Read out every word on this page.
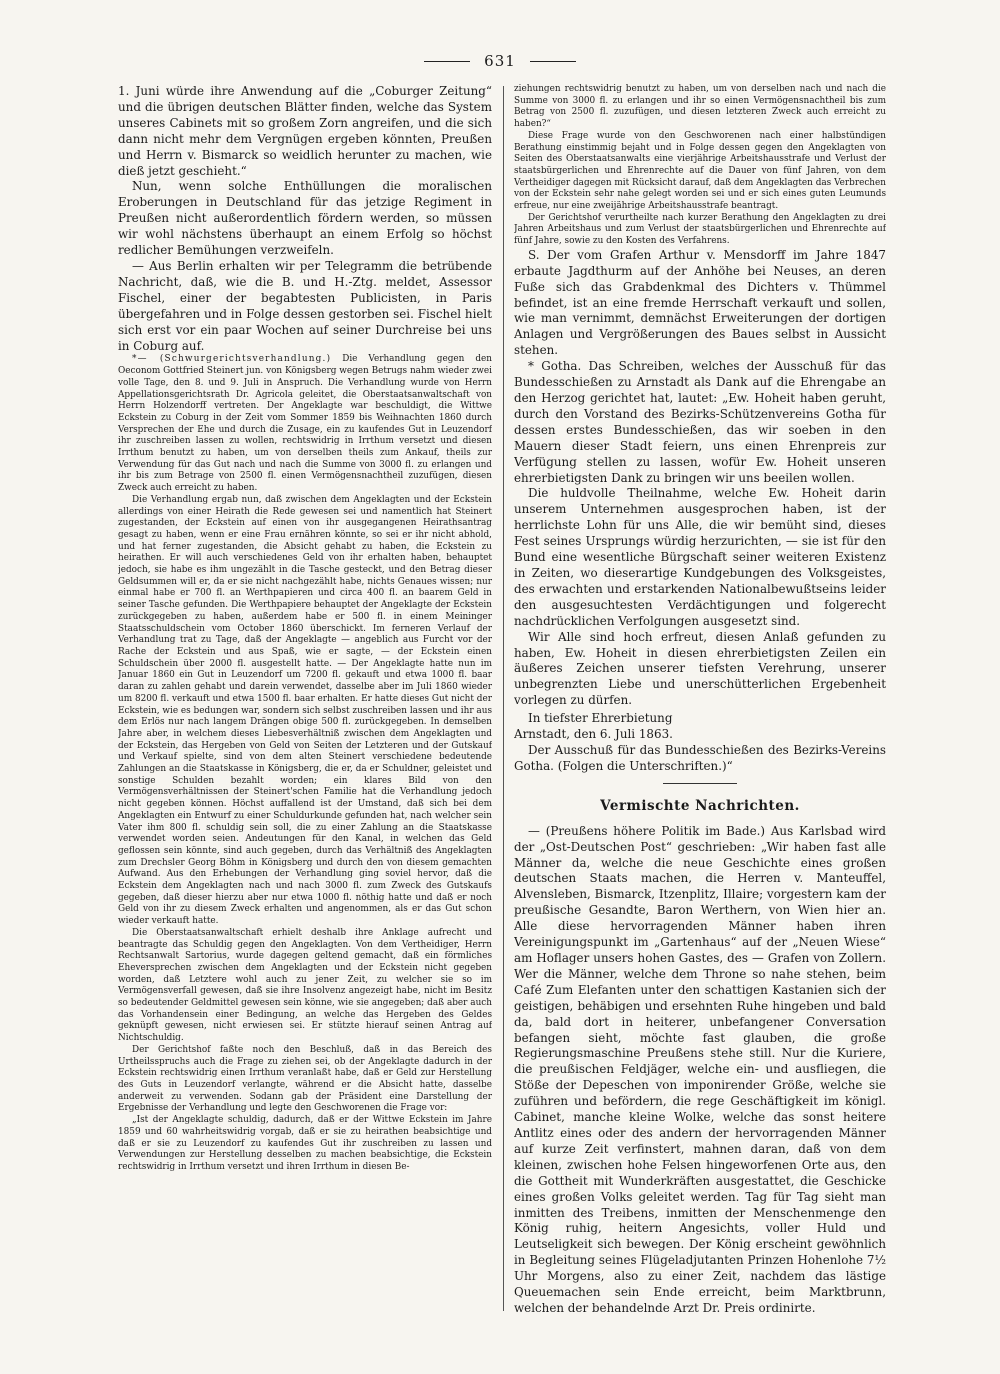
631

1. Juni würde ihre Anwendung auf die „Coburger Zeitung“ und die übrigen deutschen Blätter finden, welche das System unseres Cabinets mit so großem Zorn angreifen, und die sich dann nicht mehr dem Vergnügen ergeben könnten, Preußen und Herrn v. Bismarck so weidlich herunter zu machen, wie dieß jetzt geschieht.“

Nun, wenn solche Enthüllungen die moralischen Eroberungen in Deutschland für das jetzige Regiment in Preußen nicht außerordentlich fördern werden, so müssen wir wohl nächstens überhaupt an einem Erfolg so höchst redlicher Bemühungen verzweifeln.

— Aus Berlin erhalten wir per Telegramm die betrübende Nachricht, daß, wie die B. und H.-Ztg. meldet, Assessor Fischel, einer der begabtesten Publicisten, in Paris übergefahren und in Folge dessen gestorben sei. Fischel hielt sich erst vor ein paar Wochen auf seiner Durchreise bei uns in Coburg auf.

*— (Schwurgerichtsverhandlung.) Die Verhandlung gegen den Oeconom Gottfried Steinert jun. von Königsberg wegen Betrugs nahm wieder zwei volle Tage, den 8. und 9. Juli in Anspruch. Die Verhandlung wurde von Herrn Appellationsgerichtsrath Dr. Agricola geleitet, die Oberstaatsanwaltschaft von Herrn Holzendorff vertreten. Der Angeklagte war beschuldigt, die Wittwe Eckstein zu Coburg in der Zeit vom Sommer 1859 bis Weihnachten 1860 durch Versprechen der Ehe und durch die Zusage, ein zu kaufendes Gut in Leuzendorf ihr zuschreiben lassen zu wollen, rechtswidrig in Irrthum versetzt und diesen Irrthum benutzt zu haben, um von derselben theils zum Ankauf, theils zur Verwendung für das Gut nach und nach die Summe von 3000 fl. zu erlangen und ihr bis zum Betrage von 2500 fl. einen Vermögensnachtheil zuzufügen, diesen Zweck auch erreicht zu haben.

Die Verhandlung ergab nun, daß zwischen dem Angeklagten und der Eckstein allerdings von einer Heirath die Rede gewesen sei und namentlich hat Steinert zugestanden, der Eckstein auf einen von ihr ausgegangenen Heirathsantrag gesagt zu haben, wenn er eine Frau ernähren könnte, so sei er ihr nicht abhold, und hat ferner zugestanden, die Absicht gehabt zu haben, die Eckstein zu heirathen. Er will auch verschiedenes Geld von ihr erhalten haben, behauptet jedoch, sie habe es ihm ungezählt in die Tasche gesteckt, und den Betrag dieser Geldsummen will er, da er sie nicht nachgezählt habe, nichts Genaues wissen; nur einmal habe er 700 fl. an Werthpapieren und circa 400 fl. an baarem Geld in seiner Tasche gefunden. Die Werthpapiere behauptet der Angeklagte der Eckstein zurückgegeben zu haben, außerdem habe er 500 fl. in einem Meininger Staatsschuldschein vom October 1860 überschickt. Im ferneren Verlauf der Verhandlung trat zu Tage, daß der Angeklagte — angeblich aus Furcht vor der Rache der Eckstein und aus Spaß, wie er sagte, — der Eckstein einen Schuldschein über 2000 fl. ausgestellt hatte. — Der Angeklagte hatte nun im Januar 1860 ein Gut in Leuzendorf um 7200 fl. gekauft und etwa 1000 fl. baar daran zu zahlen gehabt und darein verwendet, dasselbe aber im Juli 1860 wieder um 8200 fl. verkauft und etwa 1500 fl. baar erhalten. Er hatte dieses Gut nicht der Eckstein, wie es bedungen war, sondern sich selbst zuschreiben lassen und ihr aus dem Erlös nur nach langem Drängen obige 500 fl. zurückgegeben. In demselben Jahre aber, in welchem dieses Liebesverhältniß zwischen dem Angeklagten und der Eckstein, das Hergeben von Geld von Seiten der Letzteren und der Gutskauf und Verkauf spielte, sind von dem alten Steinert verschiedene bedeutende Zahlungen an die Staatskasse in Königsberg, die er, da er Schuldner, geleistet und sonstige Schulden bezahlt worden; ein klares Bild von den Vermögensverhältnissen der Steinert'schen Familie hat die Verhandlung jedoch nicht gegeben können. Höchst auffallend ist der Umstand, daß sich bei dem Angeklagten ein Entwurf zu einer Schuldurkunde gefunden hat, nach welcher sein Vater ihm 800 fl. schuldig sein soll, die zu einer Zahlung an die Staatskasse verwendet worden seien. Andeutungen für den Kanal, in welchen das Geld geflossen sein könnte, sind auch gegeben, durch das Verhältniß des Angeklagten zum Drechsler Georg Böhm in Königsberg und durch den von diesem gemachten Aufwand. Aus den Erhebungen der Verhandlung ging soviel hervor, daß die Eckstein dem Angeklagten nach und nach 3000 fl. zum Zweck des Gutskaufs gegeben, daß dieser hierzu aber nur etwa 1000 fl. nöthig hatte und daß er noch Geld von ihr zu diesem Zweck erhalten und angenommen, als er das Gut schon wieder verkauft hatte.

Die Oberstaatsanwaltschaft erhielt deshalb ihre Anklage aufrecht und beantragte das Schuldig gegen den Angeklagten. Von dem Vertheidiger, Herrn Rechtsanwalt Sartorius, wurde dagegen geltend gemacht, daß ein förmliches Eheversprechen zwischen dem Angeklagten und der Eckstein nicht gegeben worden, daß Letztere wohl auch zu jener Zeit, zu welcher sie so im Vermögensverfall gewesen, daß sie ihre Insolvenz angezeigt habe, nicht im Besitz so bedeutender Geldmittel gewesen sein könne, wie sie angegeben; daß aber auch das Vorhandensein einer Bedingung, an welche das Hergeben des Geldes geknüpft gewesen, nicht erwiesen sei. Er stützte hierauf seinen Antrag auf Nichtschuldig.

Der Gerichtshof faßte noch den Beschluß, daß in das Bereich des Urtheilsspruchs auch die Frage zu ziehen sei, ob der Angeklagte dadurch in der Eckstein rechtswidrig einen Irrthum veranlaßt habe, daß er Geld zur Herstellung des Guts in Leuzendorf verlangte, während er die Absicht hatte, dasselbe anderweit zu verwenden. Sodann gab der Präsident eine Darstellung der Ergebnisse der Verhandlung und legte den Geschworenen die Frage vor:

„Ist der Angeklagte schuldig, dadurch, daß er der Wittwe Eckstein im Jahre 1859 und 60 wahrheitswidrig vorgab, daß er sie zu heirathen beabsichtige und daß er sie zu Leuzendorf zu kaufendes Gut ihr zuschreiben zu lassen und Verwendungen zur Herstellung desselben zu machen beabsichtige, die Eckstein rechtswidrig in Irrthum versetzt und ihren Irrthum in diesen Be-

ziehungen rechtswidrig benutzt zu haben, um von derselben nach und nach die Summe von 3000 fl. zu erlangen und ihr so einen Vermögensnachtheil bis zum Betrag von 2500 fl. zuzufügen, und diesen letzteren Zweck auch erreicht zu haben?“

Diese Frage wurde von den Geschworenen nach einer halbstündigen Berathung einstimmig bejaht und in Folge dessen gegen den Angeklagten von Seiten des Oberstaatsanwalts eine vierjährige Arbeitshausstrafe und Verlust der staatsbürgerlichen und Ehrenrechte auf die Dauer von fünf Jahren, von dem Vertheidiger dagegen mit Rücksicht darauf, daß dem Angeklagten das Verbrechen von der Eckstein sehr nahe gelegt worden sei und er sich eines guten Leumunds erfreue, nur eine zweijährige Arbeitshausstrafe beantragt.

Der Gerichtshof verurtheilte nach kurzer Berathung den Angeklagten zu drei Jahren Arbeitshaus und zum Verlust der staatsbürgerlichen und Ehrenrechte auf fünf Jahre, sowie zu den Kosten des Verfahrens.

S. Der vom Grafen Arthur v. Mensdorff im Jahre 1847 erbaute Jagdthurm auf der Anhöhe bei Neuses, an deren Fuße sich das Grabdenkmal des Dichters v. Thümmel befindet, ist an eine fremde Herrschaft verkauft und sollen, wie man vernimmt, demnächst Erweiterungen der dortigen Anlagen und Vergrößerungen des Baues selbst in Aussicht stehen.

* Gotha. Das Schreiben, welches der Ausschuß für das Bundesschießen zu Arnstadt als Dank auf die Ehrengabe an den Herzog gerichtet hat, lautet: „Ew. Hoheit haben geruht, durch den Vorstand des Bezirks-Schützenvereins Gotha für dessen erstes Bundesschießen, das wir soeben in den Mauern dieser Stadt feiern, uns einen Ehrenpreis zur Verfügung stellen zu lassen, wofür Ew. Hoheit unseren ehrerbietigsten Dank zu bringen wir uns beeilen wollen.

Die huldvolle Theilnahme, welche Ew. Hoheit darin unserem Unternehmen ausgesprochen haben, ist der herrlichste Lohn für uns Alle, die wir bemüht sind, dieses Fest seines Ursprungs würdig herzurichten, — sie ist für den Bund eine wesentliche Bürgschaft seiner weiteren Existenz in Zeiten, wo dieserartige Kundgebungen des Volksgeistes, des erwachten und erstarkenden Nationalbewußtseins leider den ausgesuchtesten Verdächtigungen und folgerecht nachdrücklichen Verfolgungen ausgesetzt sind.

Wir Alle sind hoch erfreut, diesen Anlaß gefunden zu haben, Ew. Hoheit in diesen ehrerbietigsten Zeilen ein äußeres Zeichen unserer tiefsten Verehrung, unserer unbegrenzten Liebe und unerschütterlichen Ergebenheit vorlegen zu dürfen.

In tiefster Ehrerbietung

Arnstadt, den 6. Juli 1863.

Der Ausschuß für das Bundesschießen des Bezirks-Vereins Gotha. (Folgen die Unterschriften.)“

Vermischte Nachrichten.

— (Preußens höhere Politik im Bade.) Aus Karlsbad wird der „Ost-Deutschen Post“ geschrieben: „Wir haben fast alle Männer da, welche die neue Geschichte eines großen deutschen Staats machen, die Herren v. Manteuffel, Alvensleben, Bismarck, Itzenplitz, Illaire; vorgestern kam der preußische Gesandte, Baron Werthern, von Wien hier an. Alle diese hervorragenden Männer haben ihren Vereinigungspunkt im „Gartenhaus“ auf der „Neuen Wiese“ am Hoflager unsers hohen Gastes, des — Grafen von Zollern. Wer die Männer, welche dem Throne so nahe stehen, beim Café Zum Elefanten unter den schattigen Kastanien sich der geistigen, behäbigen und ersehnten Ruhe hingeben und bald da, bald dort in heiterer, unbefangener Conversation befangen sieht, möchte fast glauben, die große Regierungsmaschine Preußens stehe still. Nur die Kuriere, die preußischen Feldjäger, welche ein- und ausfliegen, die Stöße der Depeschen von imponirender Größe, welche sie zuführen und befördern, die rege Geschäftigkeit im königl. Cabinet, manche kleine Wolke, welche das sonst heitere Antlitz eines oder des andern der hervorragenden Männer auf kurze Zeit verfinstert, mahnen daran, daß von dem kleinen, zwischen hohe Felsen hingeworfenen Orte aus, den die Gottheit mit Wunderkräften ausgestattet, die Geschicke eines großen Volks geleitet werden. Tag für Tag sieht man inmitten des Treibens, inmitten der Menschenmenge den König ruhig, heitern Angesichts, voller Huld und Leutseligkeit sich bewegen. Der König erscheint gewöhnlich in Begleitung seines Flügeladjutanten Prinzen Hohenlohe 7½ Uhr Morgens, also zu einer Zeit, nachdem das lästige Queuemachen sein Ende erreicht, beim Marktbrunn, welchen der behandelnde Arzt Dr. Preis ordinirte.
